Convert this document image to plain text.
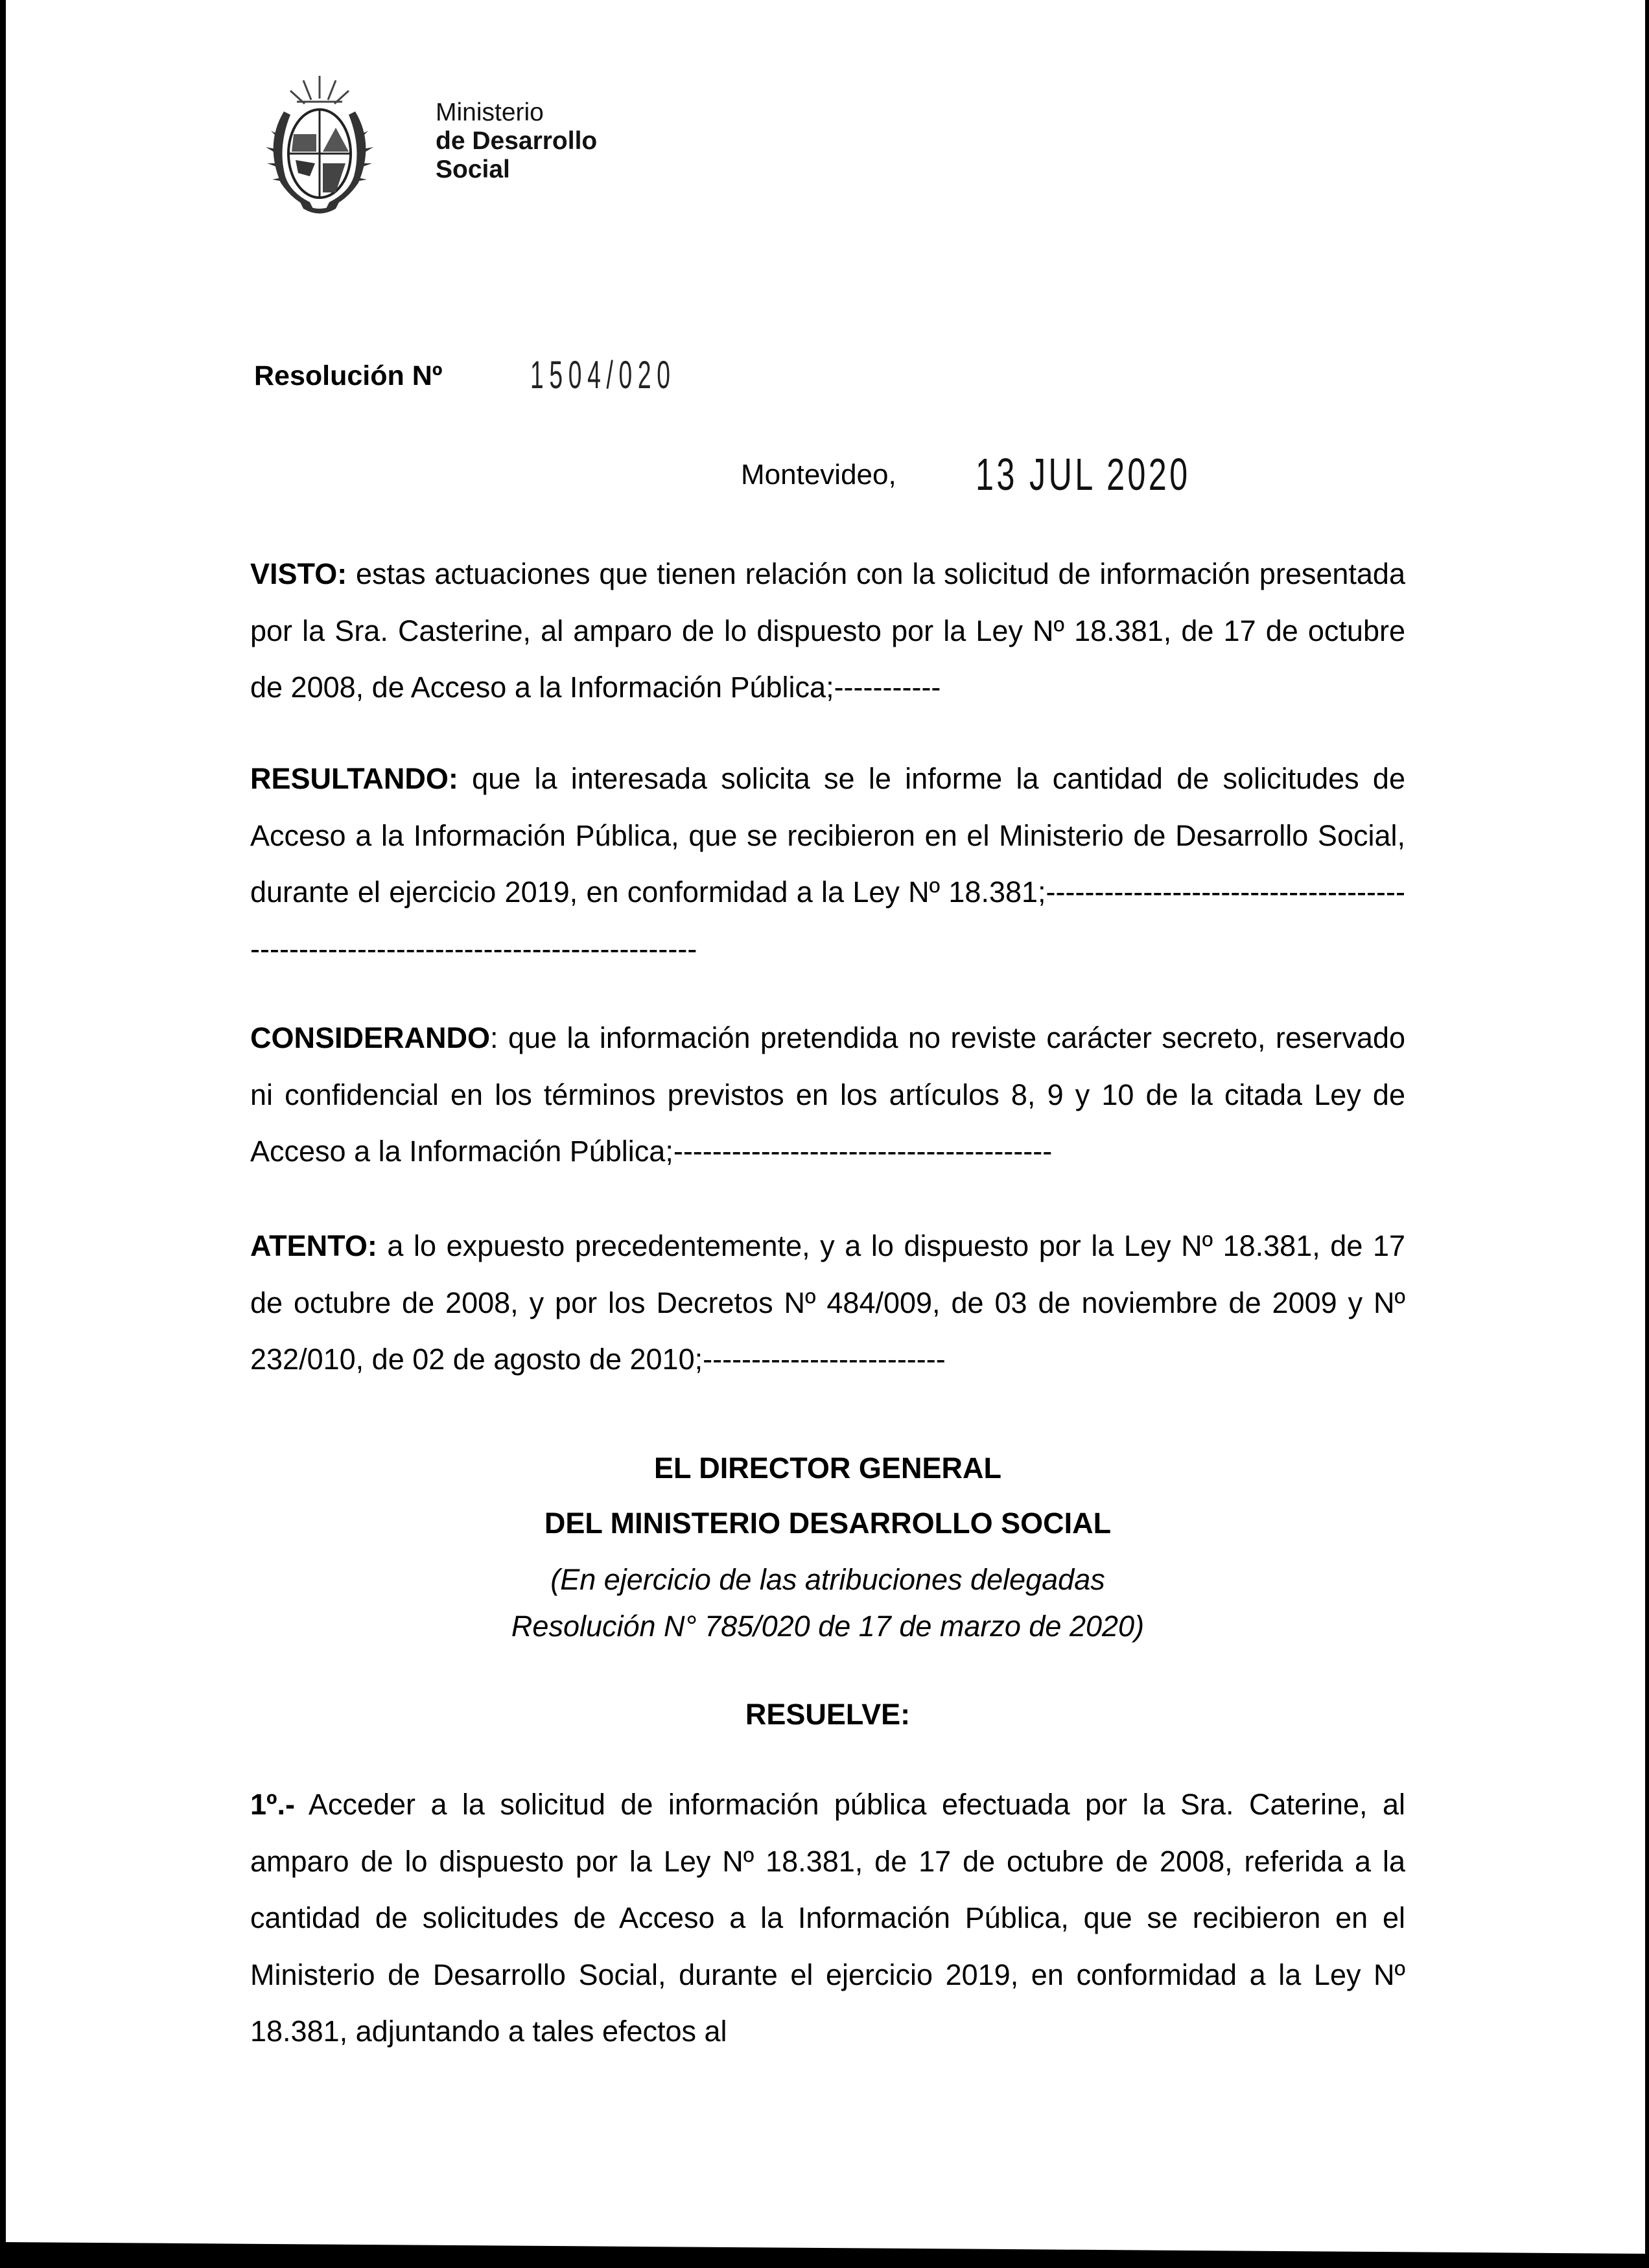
Ministerio
de Desarrollo
Social
Resolución Nº 1504/020
Montevideo, 13 JUL 2020
VISTO: estas actuaciones que tienen relación con la solicitud de información presentada por la Sra. Casterine, al amparo de lo dispuesto por la Ley Nº 18.381, de 17 de octubre de 2008, de Acceso a la Información Pública;-----------
RESULTANDO: que la interesada solicita se le informe la cantidad de solicitudes de Acceso a la Información Pública, que se recibieron en el Ministerio de Desarrollo Social, durante el ejercicio 2019, en conformidad a la Ley Nº 18.381;-----------------------------------------------------------------------------------
CONSIDERANDO: que la información pretendida no reviste carácter secreto, reservado ni confidencial en los términos previstos en los artículos 8, 9 y 10 de la citada Ley de Acceso a la Información Pública;---------------------------------------
ATENTO: a lo expuesto precedentemente, y a lo dispuesto por la Ley Nº 18.381, de 17 de octubre de 2008, y por los Decretos Nº 484/009, de 03 de noviembre de 2009 y Nº 232/010, de 02 de agosto de 2010;-------------------------
EL DIRECTOR GENERAL
DEL MINISTERIO DESARROLLO SOCIAL
(En ejercicio de las atribuciones delegadas
Resolución N° 785/020 de 17 de marzo de 2020)
RESUELVE:
1º.- Acceder a la solicitud de información pública efectuada por la Sra. Caterine, al amparo de lo dispuesto por la Ley Nº 18.381, de 17 de octubre de 2008, referida a la cantidad de solicitudes de Acceso a la Información Pública, que se recibieron en el Ministerio de Desarrollo Social, durante el ejercicio 2019, en conformidad a la Ley Nº 18.381, adjuntando a tales efectos al
